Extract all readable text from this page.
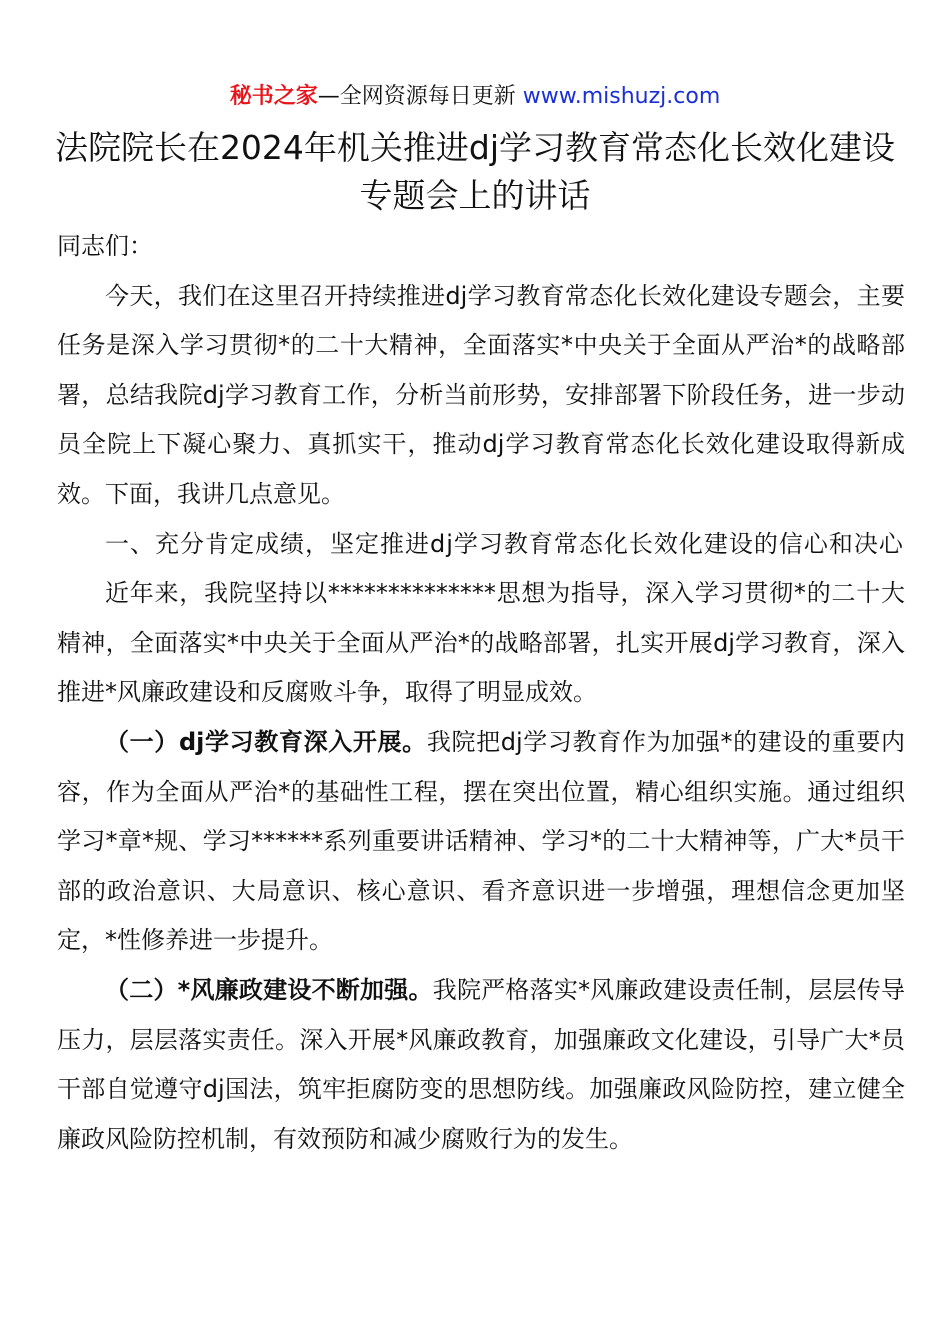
秘书之家—全网资源每日更新 www.mishuzj.com
法院院长在2024年机关推进dj学习教育常态化长效化建设专题会上的讲话

同志们：

今天，我们在这里召开持续推进dj学习教育常态化长效化建设专题会，主要任务是深入学习贯彻*的二十大精神，全面落实*中央关于全面从严治*的战略部署，总结我院dj学习教育工作，分析当前形势，安排部署下阶段任务，进一步动员全院上下凝心聚力、真抓实干，推动dj学习教育常态化长效化建设取得新成效。下面，我讲几点意见。

一、充分肯定成绩，坚定推进dj学习教育常态化长效化建设的信心和决心

近年来，我院坚持以**************思想为指导，深入学习贯彻*的二十大精神，全面落实*中央关于全面从严治*的战略部署，扎实开展dj学习教育，深入推进*风廉政建设和反腐败斗争，取得了明显成效。

（一）dj学习教育深入开展。我院把dj学习教育作为加强*的建设的重要内容，作为全面从严治*的基础性工程，摆在突出位置，精心组织实施。通过组织学习*章*规、学习******系列重要讲话精神、学习*的二十大精神等，广大*员干部的政治意识、大局意识、核心意识、看齐意识进一步增强，理想信念更加坚定，*性修养进一步提升。

（二）*风廉政建设不断加强。我院严格落实*风廉政建设责任制，层层传导压力，层层落实责任。深入开展*风廉政教育，加强廉政文化建设，引导广大*员干部自觉遵守dj国法，筑牢拒腐防变的思想防线。加强廉政风险防控，建立健全廉政风险防控机制，有效预防和减少腐败行为的发生。
